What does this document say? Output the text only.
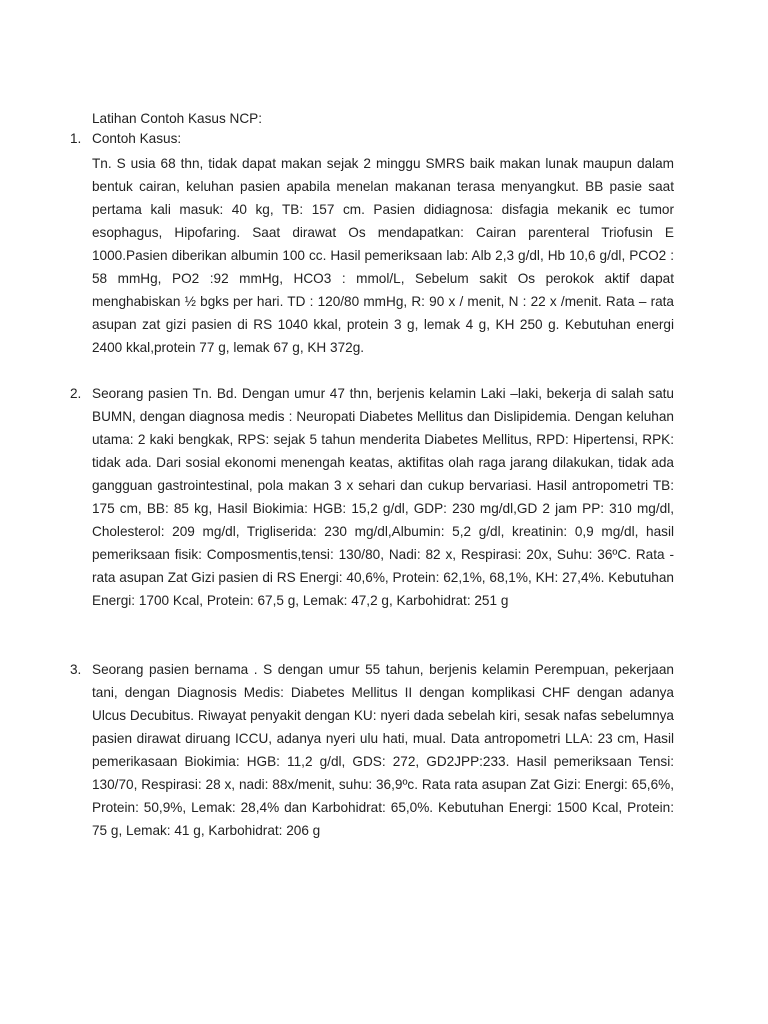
Latihan Contoh Kasus NCP:
1. Contoh Kasus:

Tn. S usia 68 thn, tidak dapat makan sejak 2 minggu SMRS baik makan lunak maupun dalam bentuk cairan, keluhan pasien apabila menelan makanan terasa menyangkut. BB pasie saat pertama kali masuk: 40 kg, TB: 157 cm. Pasien didiagnosa: disfagia mekanik ec tumor esophagus, Hipofaring. Saat dirawat Os mendapatkan: Cairan parenteral Triofusin E 1000.Pasien diberikan albumin 100 cc. Hasil pemeriksaan lab: Alb 2,3 g/dl, Hb 10,6 g/dl, PCO2 : 58 mmHg, PO2 :92 mmHg, HCO3 : mmol/L, Sebelum sakit Os perokok aktif dapat menghabiskan ½ bgks per hari. TD : 120/80 mmHg, R: 90 x / menit, N : 22 x /menit. Rata – rata asupan zat gizi pasien di RS 1040 kkal, protein 3 g, lemak 4 g, KH 250 g. Kebutuhan energi 2400 kkal,protein 77 g, lemak 67 g, KH 372g.

2. Seorang pasien Tn. Bd. Dengan umur 47 thn, berjenis kelamin Laki –laki, bekerja di salah satu BUMN, dengan diagnosa medis : Neuropati Diabetes Mellitus dan Dislipidemia. Dengan keluhan utama: 2 kaki bengkak, RPS: sejak 5 tahun menderita Diabetes Mellitus, RPD: Hipertensi, RPK: tidak ada. Dari sosial ekonomi menengah keatas, aktifitas olah raga jarang dilakukan, tidak ada gangguan gastrointestinal, pola makan 3 x sehari dan cukup bervariasi. Hasil antropometri TB: 175 cm, BB: 85 kg, Hasil Biokimia: HGB: 15,2 g/dl, GDP: 230 mg/dl,GD 2 jam PP: 310 mg/dl, Cholesterol: 209 mg/dl, Trigliserida: 230 mg/dl,Albumin: 5,2 g/dl, kreatinin: 0,9 mg/dl, hasil pemeriksaan fisik: Composmentis,tensi: 130/80, Nadi: 82 x, Respirasi: 20x, Suhu: 36ºC. Rata - rata asupan Zat Gizi pasien di RS Energi: 40,6%, Protein: 62,1%, 68,1%, KH: 27,4%. Kebutuhan Energi: 1700 Kcal, Protein: 67,5 g, Lemak: 47,2 g, Karbohidrat: 251 g

3. Seorang pasien bernama . S dengan umur 55 tahun, berjenis kelamin Perempuan, pekerjaan tani, dengan Diagnosis Medis: Diabetes Mellitus II dengan komplikasi CHF dengan adanya Ulcus Decubitus. Riwayat penyakit dengan KU: nyeri dada sebelah kiri, sesak nafas sebelumnya pasien dirawat diruang ICCU, adanya nyeri ulu hati, mual. Data antropometri LLA: 23 cm, Hasil pemerikasaan Biokimia: HGB: 11,2 g/dl, GDS: 272, GD2JPP:233. Hasil pemeriksaan Tensi: 130/70, Respirasi: 28 x, nadi: 88x/menit, suhu: 36,9ºc. Rata rata asupan Zat Gizi: Energi: 65,6%, Protein: 50,9%, Lemak: 28,4% dan Karbohidrat: 65,0%. Kebutuhan Energi: 1500 Kcal, Protein: 75 g, Lemak: 41 g, Karbohidrat: 206 g
